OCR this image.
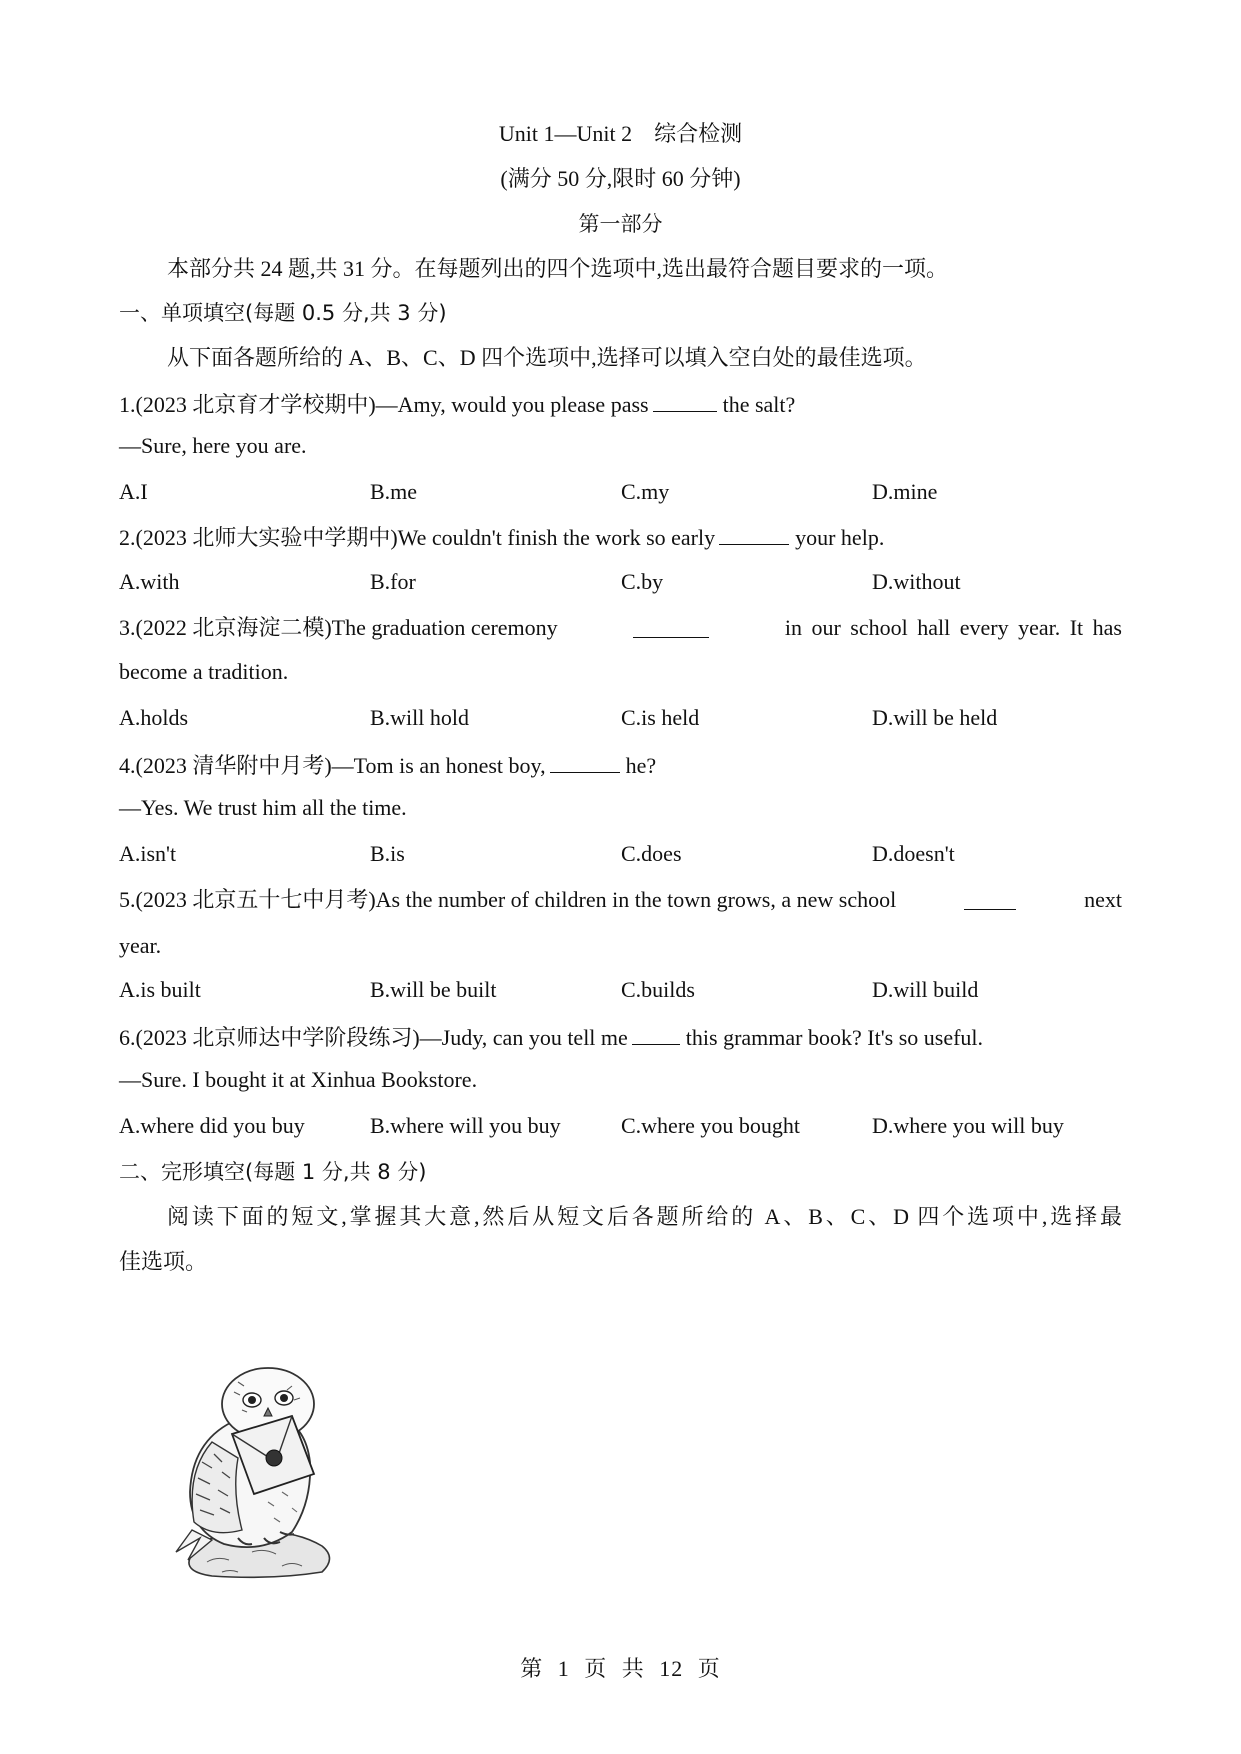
Unit 1—Unit 2　综合检测
(满分 50 分,限时 60 分钟)
第一部分
本部分共 24 题,共 31 分。在每题列出的四个选项中,选出最符合题目要求的一项。
一、单项填空(每题 0.5 分,共 3 分)
从下面各题所给的 A、B、C、D 四个选项中,选择可以填入空白处的最佳选项。
1.(2023 北京育才学校期中)—Amy, would you please pass	the salt?
—Sure, here you are.
A.I	B.me	C.my	D.mine
2.(2023 北师大实验中学期中)We couldn't finish the work so early	your help.
A.with	B.for	C.by	D.without
3.(2022 北京海淀二模)The graduation ceremony	in our school hall every year. It has
become a tradition.
A.holds	B.will hold	C.is held	D.will be held
4.(2023 清华附中月考)—Tom is an honest boy,	he?
—Yes. We trust him all the time.
A.isn't	B.is	C.does	D.doesn't
5.(2023 北京五十七中月考)As the number of children in the town grows, a new school	next
year.
A.is built	B.will be built	C.builds	D.will build
6.(2023 北京师达中学阶段练习)—Judy, can you tell me	this grammar book? It's so useful.
—Sure. I bought it at Xinhua Bookstore.
A.where did you buy	B.where will you buy	C.where you bought	D.where you will buy
二、完形填空(每题 1 分,共 8 分)
阅读下面的短文,掌握其大意,然后从短文后各题所给的 A、B、C、D 四个选项中,选择最
佳选项。
第 1 页 共 12 页
